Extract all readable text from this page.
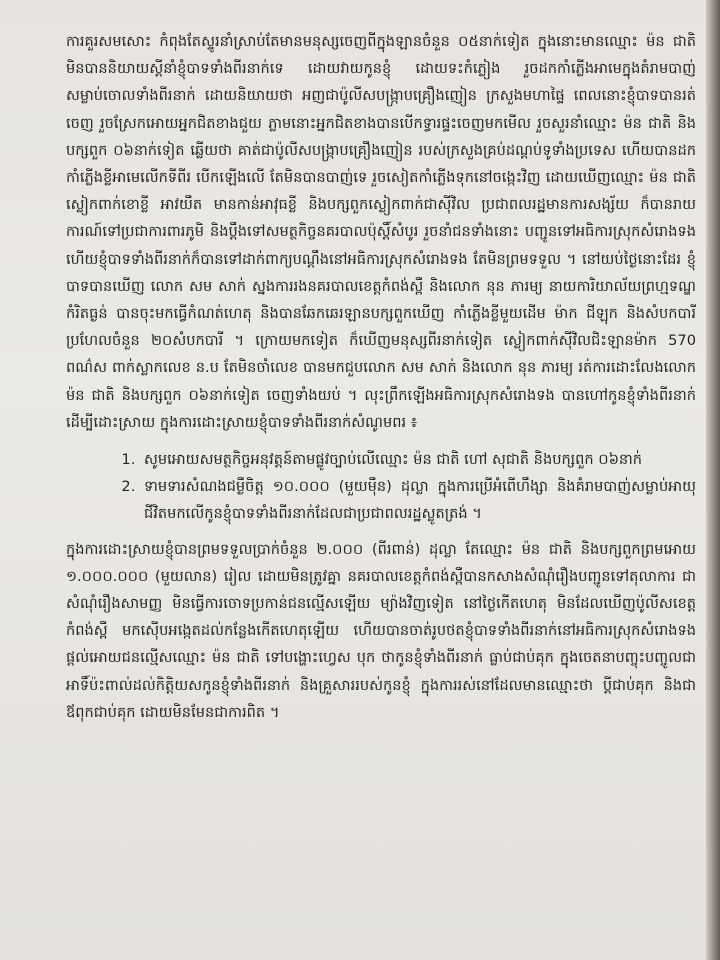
ការគួរសមសោះ កំពុងតែស្ទូរនាំស្រាប់តែមានមនុស្សចេញពីក្នុងឡានចំនួន ០៥នាក់ទៀត ក្នុងនោះមានឈ្មោះ ម៉ន ជាតិ មិនបាននិយាយស្តីនាំខ្ញុំបាទទាំងពីរនាក់ទេ ដោយវាយកូនខ្ញុំ ដោយទះកំភ្លៀង រួចដកកាំភ្លើងអាមេក្នុងតំរាមបាញ់សម្លាប់ចោលទាំងពីរនាក់ ដោយនិយាយថា អញជាប៉ូលីសបង្ក្រាបគ្រឿងញៀន ក្រសួងមហាផ្ទៃ ពេលនោះខ្ញុំបាទបានរត់ចេញ រួចស្រែកអោយអ្នកជិតខាងជួយ ភ្លាមនោះអ្នកជិតខាងបានបើកទ្វារផ្ទះចេញមកមើល រួចសួរនាំឈ្មោះ ម៉ន ជាតិ និងបក្សពួក ០៦នាក់ទៀត ឆ្លើយថា គាត់ជាប៉ូលីសបង្ក្រាបគ្រឿងញៀន របស់ក្រសួងគ្រប់ដណ្តប់ទូទាំងប្រទេស ហើយបានដកកាំភ្លើងខ្លីអាមេលើកទីពីរ បើកឡើងលើ តែមិនបានបាញ់ទេ រួចសៀតកាំភ្លើងទុកនៅចង្កេះវិញ ដោយឃើញឈ្មោះ ម៉ន ជាតិ ស្លៀកពាក់ខោខ្លី អាវយឺត មានកាន់អាវុធខ្លី និងបក្សពួកស្លៀកពាក់ជាស៊ីវិល ប្រជាពលរដ្ឋមានការសង្ស័យ ក៏បានរាយការណ៍ទៅប្រជាការពារភូមិ និងប្តឹងទៅសមត្ថកិច្ចនគរបាលប៉ុស្តិ៍សំបូរ រួចនាំជនទាំងនោះ បញ្ជូនទៅអធិការស្រុកសំរោងទង ហើយខ្ញុំបាទទាំងពីរនាក់ក៏បានទៅដាក់ពាក្យបណ្តឹងនៅអធិការស្រុកសំរោងទង តែមិនព្រមទទួល ។ នៅយប់ថ្ងៃនោះដែរ ខ្ញុំបាទបានឃើញ លោក សម សាក់ ស្នងការរងនគរបាលខេត្តកំពង់ស្ពឺ និងលោក នុន ភារម្យ នាយការិយាល័យព្រហ្មទណ្ឌកំរិតធ្ងន់ បានចុះមកធ្វើកំណត់ហេតុ និងបានឆែកឆេរឡានបក្សពួកឃើញ កាំភ្លើងខ្លីមួយដើម ម៉ាក ជីឡុក និងសំបកបារីប្រហែលចំនួន ២០សំបកបារី ។ ក្រោយមកទៀត ក៏ឃើញមនុស្សពីរនាក់ទៀត ស្លៀកពាក់ស៊ីវិលជិះឡានម៉ាក 570 ពណ៌ស ពាក់ស្លាកលេខ ន.ប តែមិនចាំលេខ បានមកជួបលោក សម សាក់ និងលោក នុន ភារម្យ រត់ការដោះលែងលោក ម៉ន ជាតិ និងបក្សពួក ០៦នាក់ទៀត ចេញទាំងយប់ ។ លុះព្រឹកឡើងអធិការស្រុកសំរោងទង បានហៅកូនខ្ញុំទាំងពីរនាក់ ដើម្បីដោះស្រាយ ក្នុងការដោះស្រាយខ្ញុំបាទទាំងពីរនាក់សំណូមពរ ៖

1. សូមអោយសមត្ថកិច្ចអនុវត្តន៍តាមផ្លូវច្បាប់លើឈ្មោះ ម៉ន ជាតិ ហៅ សុជាតិ និងបក្សពួក ០៦នាក់
2. ទាមទារសំណងជម្ងឺចិត្ត ១០.០០០ (មួយម៉ឺន) ដុល្លា ក្នុងការប្រើអំពើហឹង្សា និងគំរាមបាញ់សម្លាប់អាយុជីវិតមកលើកូនខ្ញុំបាទទាំងពីរនាក់ដែលជាប្រជាពលរដ្ឋស្លូតត្រង់ ។

ក្នុងការដោះស្រាយខ្ញុំបានព្រមទទួលប្រាក់ចំនួន ២.០០០ (ពីរពាន់) ដុល្លា តែឈ្មោះ ម៉ន ជាតិ និងបក្សពួកព្រមអោយ ១.០០០.០០០ (មួយលាន) រៀល ដោយមិនត្រូវគ្នា នគរបាលខេត្តកំពង់ស្ពឺបានកសាងសំណុំរឿងបញ្ជូនទៅតុលាការ ជាសំណុំរឿងសាមញ្ញ មិនធ្វើការចោទប្រកាន់ជនល្មើសឡើយ ម្យ៉ាងវិញទៀត នៅថ្ងៃកើតហេតុ មិនដែលឃើញប៉ូលីសខេត្តកំពង់ស្ពឺ មកស៊ើបអង្កេតដល់កន្លែងកើតហេតុឡើយ ហើយបានចាត់រូបថតខ្ញុំបាទទាំងពីរនាក់នៅអធិការស្រុកសំរោងទង ផ្តល់អោយជនល្មើសឈ្មោះ ម៉ន ជាតិ ទៅបង្ហោះហ្វេស បុក ថាកូនខ្ញុំទាំងពីរនាក់ ធ្លាប់ជាប់គុក ក្នុងចេតនាបញ្ចុះបញ្ចូលជាអាទិ៍ប៉ះពាល់ដល់កិត្តិយសកូនខ្ញុំទាំងពីរនាក់ និងគ្រួសាររបស់កូនខ្ញុំ ក្នុងការរស់នៅដែលមានឈ្មោះថា ប្តីជាប់គុក និងជាឪពុកជាប់គុក ដោយមិនមែនជាការពិត ។
